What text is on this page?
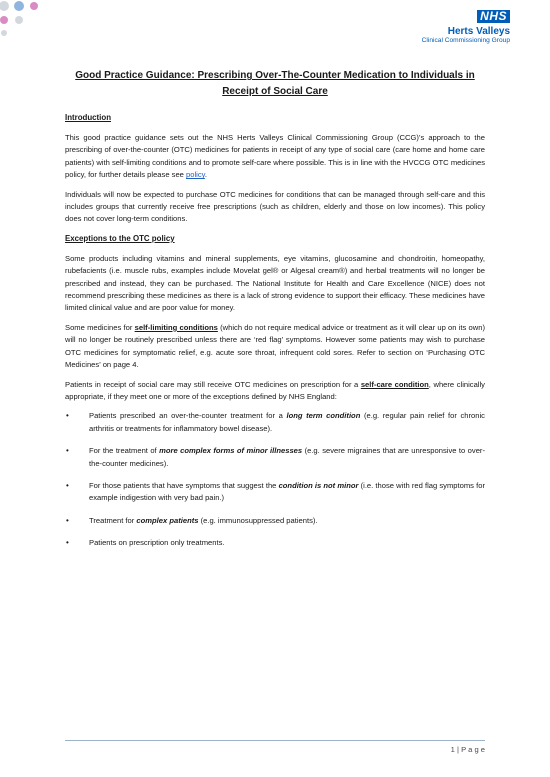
NHS
Herts Valleys
Clinical Commissioning Group
Good Practice Guidance: Prescribing Over-The-Counter Medication to Individuals in Receipt of Social Care
Introduction

This good practice guidance sets out the NHS Herts Valleys Clinical Commissioning Group (CCG)’s approach to the prescribing of over-the-counter (OTC) medicines for patients in receipt of any type of social care (care home and home care patients) with self-limiting conditions and to promote self-care where possible. This is in line with the HVCCG OTC medicines policy, for further details please see policy.

Individuals will now be expected to purchase OTC medicines for conditions that can be managed through self-care and this includes groups that currently receive free prescriptions (such as children, elderly and those on low incomes). This policy does not cover long-term conditions.

Exceptions to the OTC policy

Some products including vitamins and mineral supplements, eye vitamins, glucosamine and chondroitin, homeopathy, rubefacients (i.e. muscle rubs, examples include Movelat gel® or Algesal cream®) and herbal treatments will no longer be prescribed and instead, they can be purchased. The National Institute for Health and Care Excellence (NICE) does not recommend prescribing these medicines as there is a lack of strong evidence to support their efficacy. These medicines have limited clinical value and are poor value for money.

Some medicines for self-limiting conditions (which do not require medical advice or treatment as it will clear up on its own) will no longer be routinely prescribed unless there are ‘red flag’ symptoms. However some patients may wish to purchase OTC medicines for symptomatic relief, e.g. acute sore throat, infrequent cold sores. Refer to section on ‘Purchasing OTC Medicines’ on page 4.

Patients in receipt of social care may still receive OTC medicines on prescription for a self-care condition, where clinically appropriate, if they meet one or more of the exceptions defined by NHS England:

•	Patients prescribed an over-the-counter treatment for a long term condition (e.g. regular pain relief for chronic arthritis or treatments for inflammatory bowel disease).
•	For the treatment of more complex forms of minor illnesses (e.g. severe migraines that are unresponsive to over-the-counter medicines).
•	For those patients that have symptoms that suggest the condition is not minor (i.e. those with red flag symptoms for example indigestion with very bad pain.)
•	Treatment for complex patients (e.g. immunosuppressed patients).
•	Patients on prescription only treatments.
1 | P a g e
